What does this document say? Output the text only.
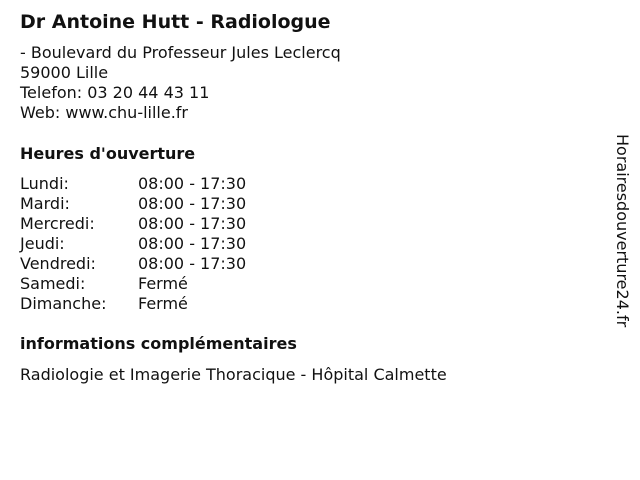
Dr Antoine Hutt - Radiologue
- Boulevard du Professeur Jules Leclercq
59000 Lille
Telefon: 03 20 44 43 11
Web: www.chu-lille.fr
Heures d'ouverture
Lundi:	08:00 - 17:30
Mardi:	08:00 - 17:30
Mercredi:	08:00 - 17:30
Jeudi:	08:00 - 17:30
Vendredi:	08:00 - 17:30
Samedi:	Fermé
Dimanche:	Fermé
informations complémentaires
Radiologie et Imagerie Thoracique - Hôpital Calmette
Horairesdouverture24.fr
